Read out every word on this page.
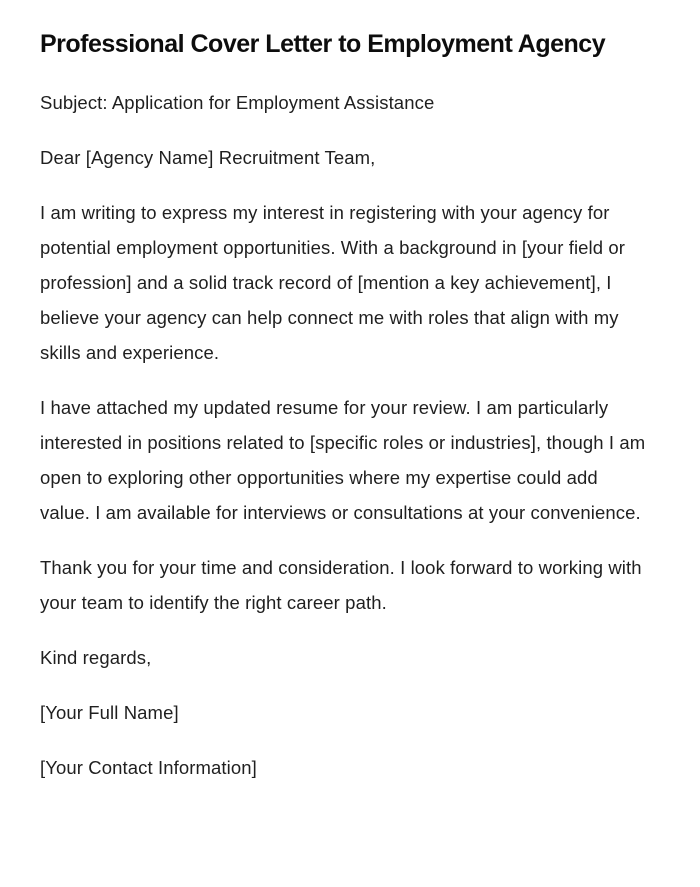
Professional Cover Letter to Employment Agency

Subject: Application for Employment Assistance

Dear [Agency Name] Recruitment Team,

I am writing to express my interest in registering with your agency for potential employment opportunities. With a background in [your field or profession] and a solid track record of [mention a key achievement], I believe your agency can help connect me with roles that align with my skills and experience.

I have attached my updated resume for your review. I am particularly interested in positions related to [specific roles or industries], though I am open to exploring other opportunities where my expertise could add value. I am available for interviews or consultations at your convenience.

Thank you for your time and consideration. I look forward to working with your team to identify the right career path.

Kind regards,

[Your Full Name]

[Your Contact Information]
